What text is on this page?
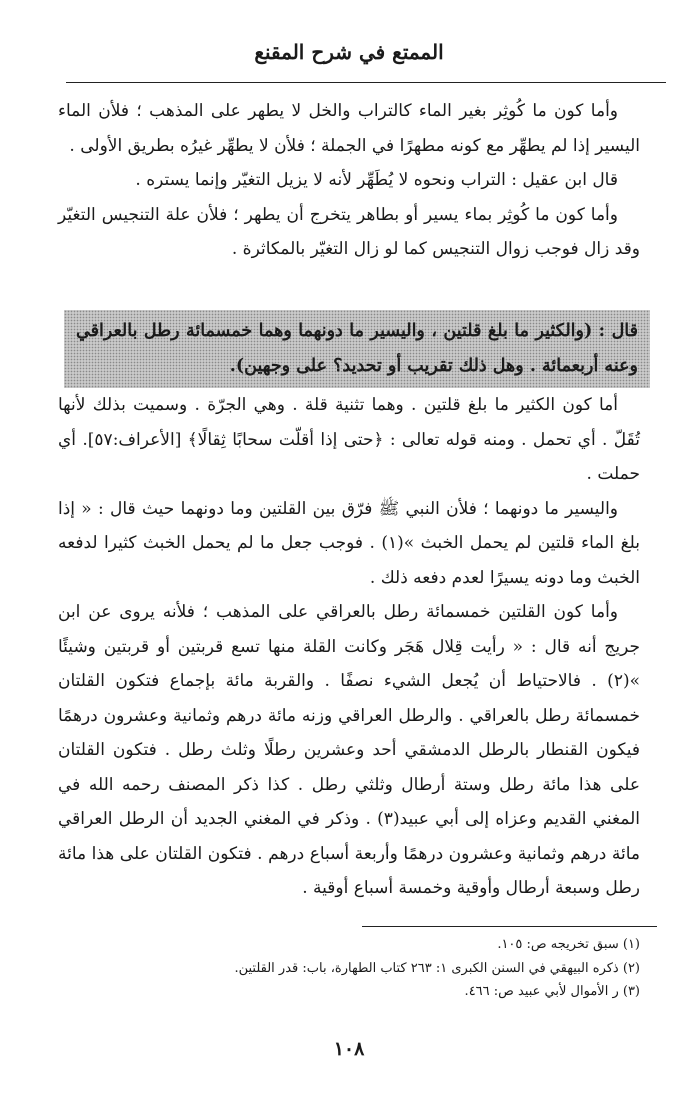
الممتع في شرح المقنع

وأما كون ما كُوثِر بغير الماء كالتراب والخل لا يطهر على المذهب ؛ فلأن الماء اليسير إذا لم يطهِّر مع كونه مطهرًا في الجملة ؛ فلأن لا يطهِّر غيرُه بطريق الأولى .

قال ابن عقيل : التراب ونحوه لا يُطَهِّر لأنه لا يزيل التغيّر وإنما يستره .

وأما كون ما كُوثِر بماء يسير أو بطاهر يتخرج أن يطهر ؛ فلأن علة التنجيس التغيّر وقد زال فوجب زوال التنجيس كما لو زال التغيّر بالمكاثرة .

قال : (والكثير ما بلغ قلتين ، واليسير ما دونهما وهما خمسمائة رطل بالعراقي وعنه أربعمائة . وهل ذلك تقريب أو تحديد؟ على وجهين).

أما كون الكثير ما بلغ قلتين . وهما تثنية قلة . وهي الجرّة . وسميت بذلك لأنها تُقَلّ . أي تحمل . ومنه قوله تعالى : ﴿حتى إذا أقلّت سحابًا ثِقالًا﴾ [الأعراف:٥٧]. أي حملت .

واليسير ما دونهما ؛ فلأن النبي ﷺ فرّق بين القلتين وما دونهما حيث قال : « إذا بلغ الماء قلتين لم يحمل الخبث »(١) . فوجب جعل ما لم يحمل الخبث كثيرا لدفعه الخبث وما دونه يسيرًا لعدم دفعه ذلك .

وأما كون القلتين خمسمائة رطل بالعراقي على المذهب ؛ فلأنه يروى عن ابن جريج أنه قال : « رأيت قِلال هَجَر وكانت القلة منها تسع قربتين أو قربتين وشيئًا »(٢) . فالاحتياط أن يُجعل الشيء نصفًا . والقربة مائة بإجماع فتكون القلتان خمسمائة رطل بالعراقي . والرطل العراقي وزنه مائة درهم وثمانية وعشرون درهمًا فيكون القنطار بالرطل الدمشقي أحد وعشرين رطلًا وثلث رطل . فتكون القلتان على هذا مائة رطل وستة أرطال وثلثي رطل . كذا ذكر المصنف رحمه الله في المغني القديم وعزاه إلى أبي عبيد(٣) . وذكر في المغني الجديد أن الرطل العراقي مائة درهم وثمانية وعشرون درهمًا وأربعة أسباع درهم . فتكون القلتان على هذا مائة رطل وسبعة أرطال وأوقية وخمسة أسباع أوقية .

(١) سبق تخريجه ص: ١٠٥.
(٢) ذكره البيهقي في السنن الكبرى ١: ٢٦٣ كتاب الطهارة، باب: قدر القلتين.
(٣) ر الأموال لأبي عبيد ص: ٤٦٦.
١٠٨
